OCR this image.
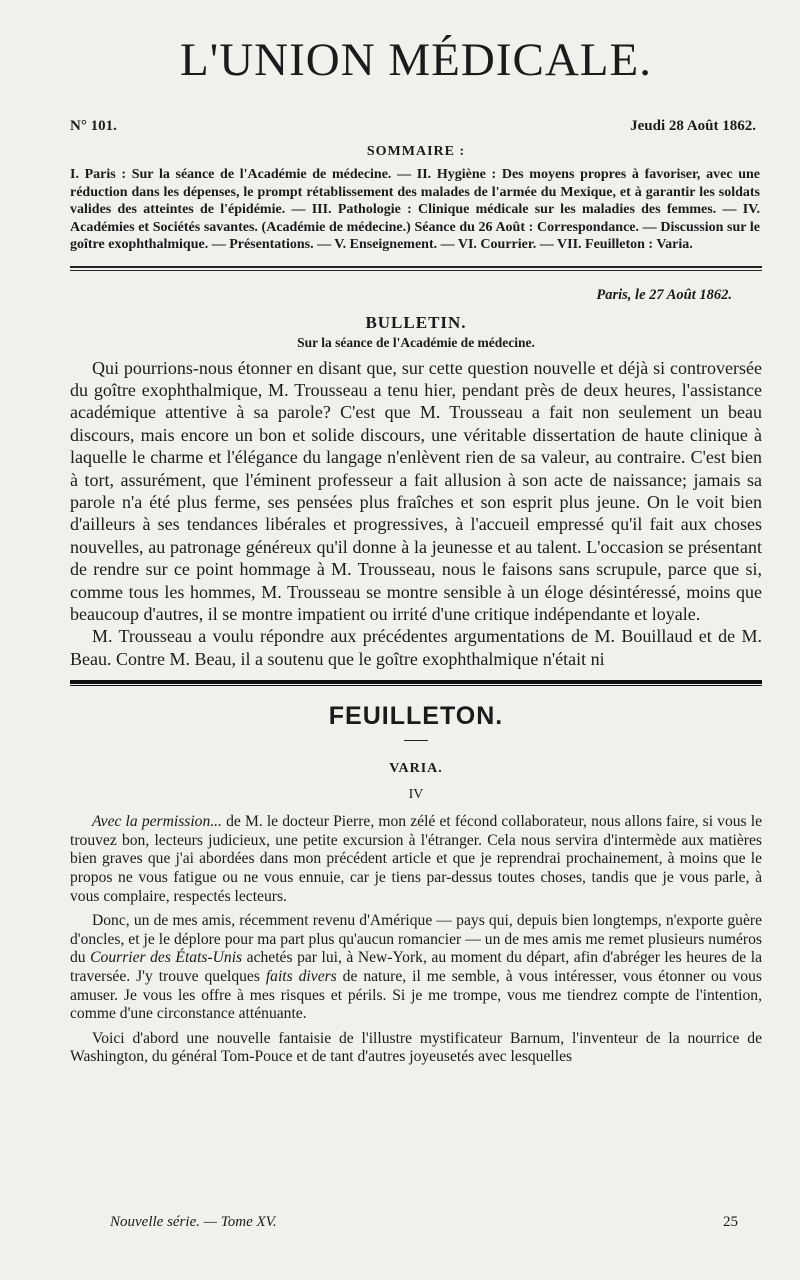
L'UNION MÉDICALE.
N° 101.	Jeudi 28 Août 1862.
SOMMAIRE :
I. Paris : Sur la séance de l'Académie de médecine. — II. Hygiène : Des moyens propres à favoriser, avec une réduction dans les dépenses, le prompt rétablissement des malades de l'armée du Mexique, et à garantir les soldats valides des atteintes de l'épidémie. — III. Pathologie : Clinique médicale sur les maladies des femmes. — IV. Académies et Sociétés savantes. (Académie de médecine.) Séance du 26 Août : Correspondance. — Discussion sur le goître exophthalmique. — Présentations. — V. Enseignement. — VI. Courrier. — VII. Feuilleton : Varia.
Paris, le 27 Août 1862.
BULLETIN.
Sur la séance de l'Académie de médecine.

Qui pourrions-nous étonner en disant que, sur cette question nouvelle et déjà si controversée du goître exophthalmique, M. Trousseau a tenu hier, pendant près de deux heures, l'assistance académique attentive à sa parole? C'est que M. Trousseau a fait non seulement un beau discours, mais encore un bon et solide discours, une véritable dissertation de haute clinique à laquelle le charme et l'élégance du langage n'enlèvent rien de sa valeur, au contraire. C'est bien à tort, assurément, que l'éminent professeur a fait allusion à son acte de naissance; jamais sa parole n'a été plus ferme, ses pensées plus fraîches et son esprit plus jeune. On le voit bien d'ailleurs à ses tendances libérales et progressives, à l'accueil empressé qu'il fait aux choses nouvelles, au patronage généreux qu'il donne à la jeunesse et au talent. L'occasion se présentant de rendre sur ce point hommage à M. Trousseau, nous le faisons sans scrupule, parce que si, comme tous les hommes, M. Trousseau se montre sensible à un éloge désintéressé, moins que beaucoup d'autres, il se montre impatient ou irrité d'une critique indépendante et loyale.

M. Trousseau a voulu répondre aux précédentes argumentations de M. Bouillaud et de M. Beau. Contre M. Beau, il a soutenu que le goître exophthalmique n'était ni

FEUILLETON.
VARIA.
IV

Avec la permission... de M. le docteur Pierre, mon zélé et fécond collaborateur, nous allons faire, si vous le trouvez bon, lecteurs judicieux, une petite excursion à l'étranger. Cela nous servira d'intermède aux matières bien graves que j'ai abordées dans mon précédent article et que je reprendrai prochainement, à moins que le propos ne vous fatigue ou ne vous ennuie, car je tiens par-dessus toutes choses, tandis que je vous parle, à vous complaire, respectés lecteurs.

Donc, un de mes amis, récemment revenu d'Amérique — pays qui, depuis bien longtemps, n'exporte guère d'oncles, et je le déplore pour ma part plus qu'aucun romancier — un de mes amis me remet plusieurs numéros du Courrier des États-Unis achetés par lui, à New-York, au moment du départ, afin d'abréger les heures de la traversée. J'y trouve quelques faits divers de nature, il me semble, à vous intéresser, vous étonner ou vous amuser. Je vous les offre à mes risques et périls. Si je me trompe, vous me tiendrez compte de l'intention, comme d'une circonstance atténuante.

Voici d'abord une nouvelle fantaisie de l'illustre mystificateur Barnum, l'inventeur de la nourrice de Washington, du général Tom-Pouce et de tant d'autres joyeusetés avec lesquelles

Nouvelle série. — Tome XV.	25
